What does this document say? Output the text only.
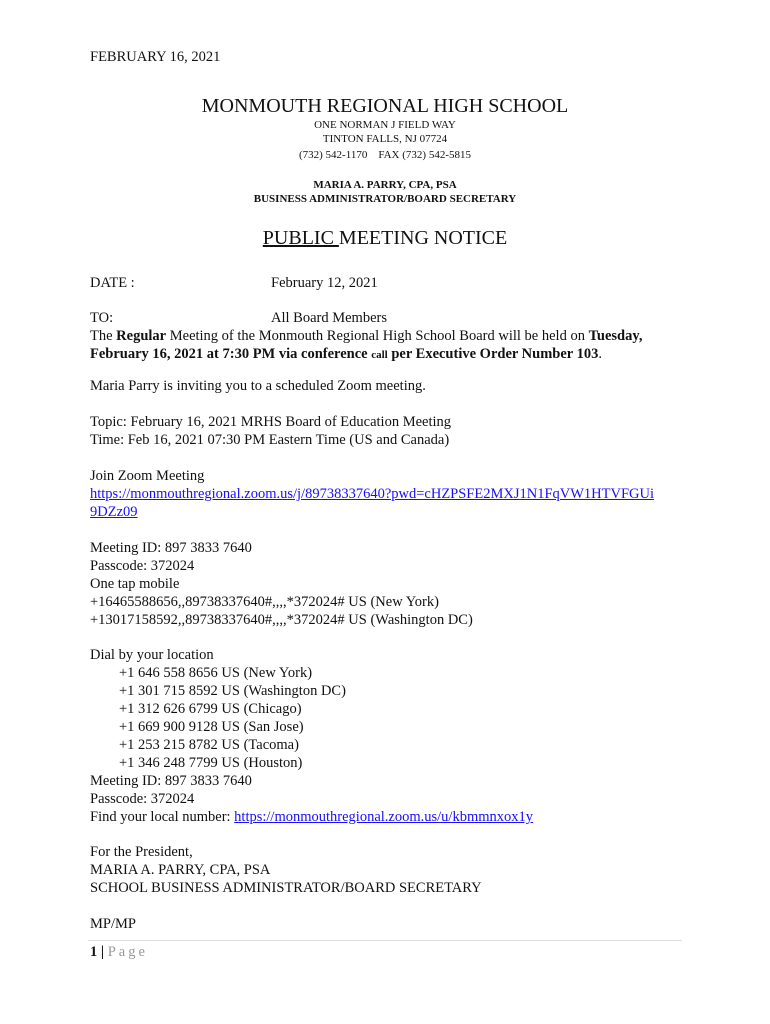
FEBRUARY 16, 2021
MONMOUTH REGIONAL HIGH SCHOOL
ONE NORMAN J FIELD WAY
TINTON FALLS, NJ 07724
(732) 542-1170    FAX (732) 542-5815
MARIA A. PARRY, CPA, PSA
BUSINESS ADMINISTRATOR/BOARD SECRETARY
PUBLIC MEETING NOTICE
DATE :	February 12, 2021
TO:	All Board Members
The Regular Meeting of the Monmouth Regional High School Board will be held on Tuesday,
February 16, 2021 at 7:30 PM via conference call per Executive Order Number 103.
Maria Parry is inviting you to a scheduled Zoom meeting.
Topic: February 16, 2021 MRHS Board of Education Meeting
Time: Feb 16, 2021 07:30 PM Eastern Time (US and Canada)
Join Zoom Meeting
https://monmouthregional.zoom.us/j/89738337640?pwd=cHZPSFE2MXJ1N1FqVW1HTVFGUi
9DZz09
Meeting ID: 897 3833 7640
Passcode: 372024
One tap mobile
+16465588656,,89738337640#,,,,*372024# US (New York)
+13017158592,,89738337640#,,,,*372024# US (Washington DC)
Dial by your location
+1 646 558 8656 US (New York)
+1 301 715 8592 US (Washington DC)
+1 312 626 6799 US (Chicago)
+1 669 900 9128 US (San Jose)
+1 253 215 8782 US (Tacoma)
+1 346 248 7799 US (Houston)
Meeting ID: 897 3833 7640
Passcode: 372024
Find your local number: https://monmouthregional.zoom.us/u/kbmmnxox1y
For the President,
MARIA A. PARRY, CPA, PSA
SCHOOL BUSINESS ADMINISTRATOR/BOARD SECRETARY
MP/MP
1 | Page
